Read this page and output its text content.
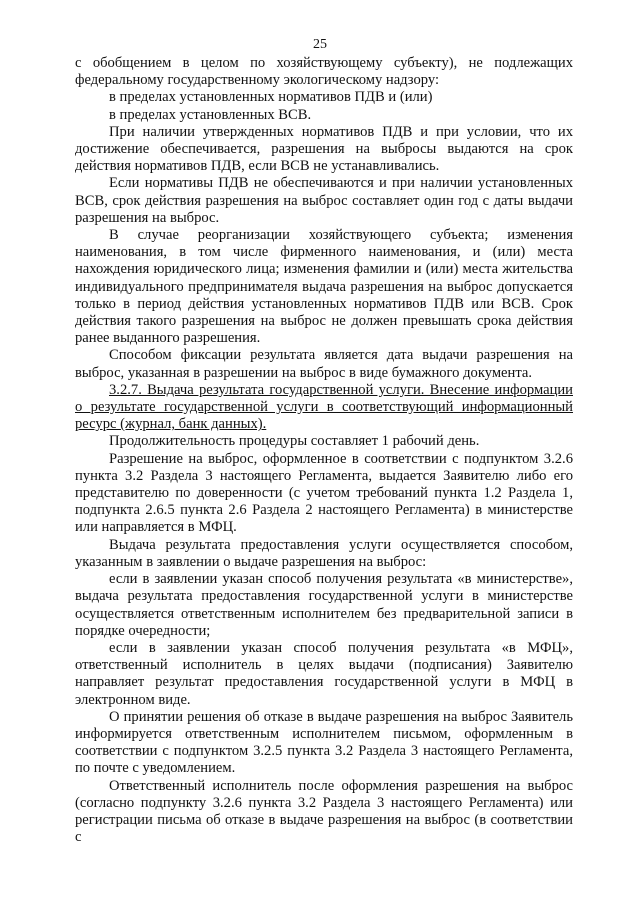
25

с обобщением в целом по хозяйствующему субъекту), не подлежащих федеральному государственному экологическому надзору:

в пределах установленных нормативов ПДВ и (или)

в пределах установленных ВСВ.

При наличии утвержденных нормативов ПДВ и при условии, что их достижение обеспечивается, разрешения на выбросы выдаются на срок действия нормативов ПДВ, если ВСВ не устанавливались.

Если нормативы ПДВ не обеспечиваются и при наличии установленных ВСВ, срок действия разрешения на выброс составляет один год с даты выдачи разрешения на выброс.

В случае реорганизации хозяйствующего субъекта; изменения наименования, в том числе фирменного наименования, и (или) места нахождения юридического лица; изменения фамилии и (или) места жительства индивидуального предпринимателя выдача разрешения на выброс допускается только в период действия установленных нормативов ПДВ или ВСВ. Срок действия такого разрешения на выброс не должен превышать срока действия ранее выданного разрешения.

Способом фиксации результата является дата выдачи разрешения на выброс, указанная в разрешении на выброс в виде бумажного документа.

3.2.7. Выдача результата государственной услуги. Внесение информации о результате государственной услуги в соответствующий информационный ресурс (журнал, банк данных).

Продолжительность процедуры составляет 1 рабочий день.

Разрешение на выброс, оформленное в соответствии с подпунктом 3.2.6 пункта 3.2 Раздела 3 настоящего Регламента, выдается Заявителю либо его представителю по доверенности (с учетом требований пункта 1.2 Раздела 1, подпункта 2.6.5 пункта 2.6 Раздела 2 настоящего Регламента) в министерстве или направляется в МФЦ.

Выдача результата предоставления услуги осуществляется способом, указанным в заявлении о выдаче разрешения на выброс:

если в заявлении указан способ получения результата «в министерстве», выдача результата предоставления государственной услуги в министерстве осуществляется ответственным исполнителем без предварительной записи в порядке очередности;

если в заявлении указан способ получения результата «в МФЦ», ответственный исполнитель в целях выдачи (подписания) Заявителю направляет результат предоставления государственной услуги в МФЦ в электронном виде.

О принятии решения об отказе в выдаче разрешения на выброс Заявитель информируется ответственным исполнителем письмом, оформленным в соответствии с подпунктом 3.2.5 пункта 3.2 Раздела 3 настоящего Регламента, по почте с уведомлением.

Ответственный исполнитель после оформления разрешения на выброс (согласно подпункту 3.2.6 пункта 3.2 Раздела 3 настоящего Регламента) или регистрации письма об отказе в выдаче разрешения на выброс (в соответствии с
